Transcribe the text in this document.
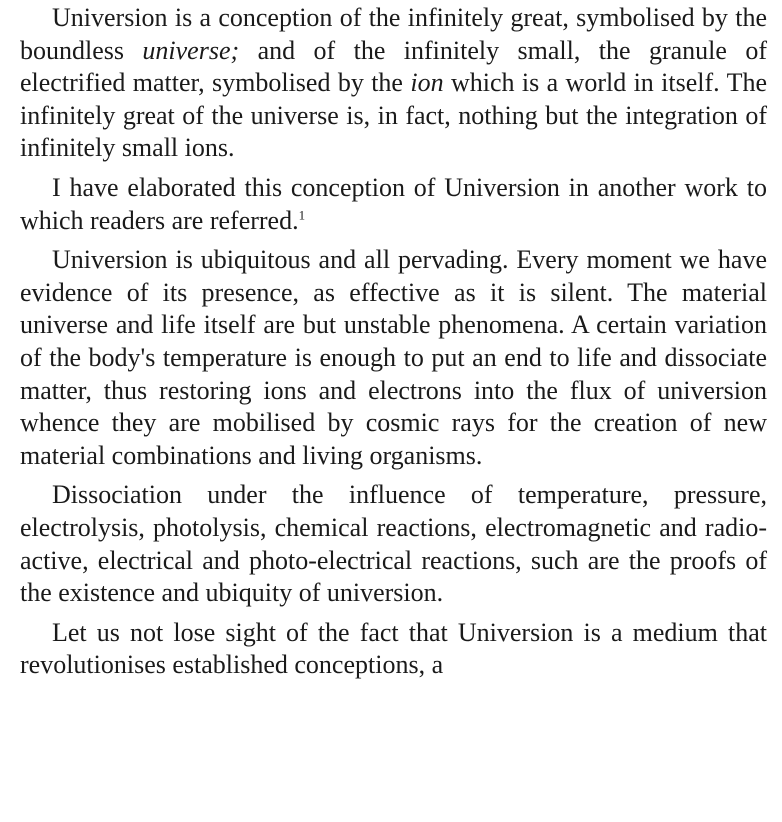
Universion is a conception of the infinitely great, symbolised by the boundless universe; and of the infinitely small, the granule of electrified matter, symbolised by the ion which is a world in itself. The infinitely great of the universe is, in fact, nothing but the integration of infinitely small ions.

I have elaborated this conception of Universion in another work to which readers are referred.$^1$

Universion is ubiquitous and all pervading. Every moment we have evidence of its presence, as effective as it is silent. The material universe and life itself are but unstable phenomena. A certain variation of the body's temperature is enough to put an end to life and dissociate matter, thus restoring ions and electrons into the flux of universion whence they are mobilised by cosmic rays for the creation of new material combinations and living organisms.

Dissociation under the influence of temperature, pressure, electrolysis, photolysis, chemical reactions, electromagnetic and radio-active, electrical and photo-electrical reactions, such are the proofs of the existence and ubiquity of universion.

Let us not lose sight of the fact that Universion is a medium that revolutionises established conceptions, a
